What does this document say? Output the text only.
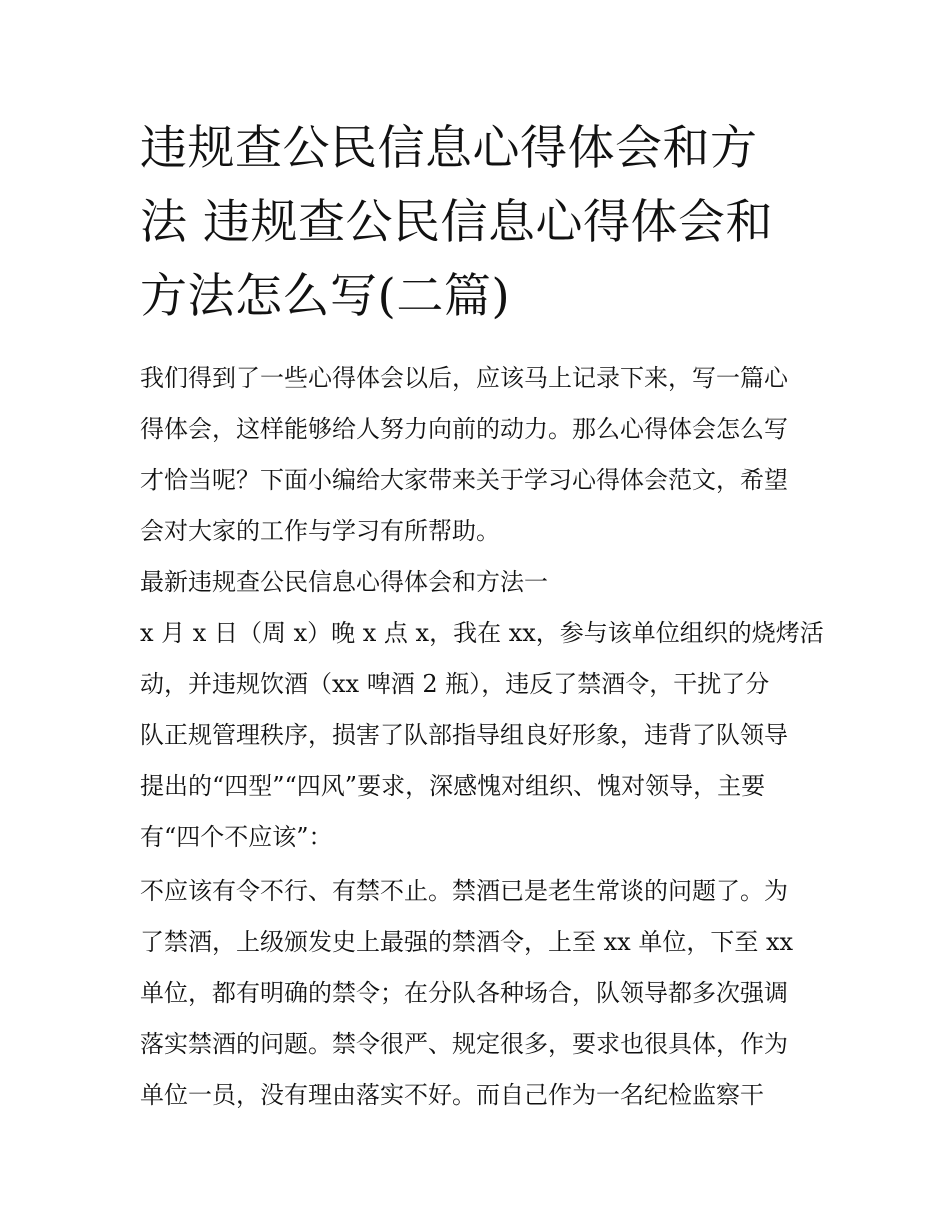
违规查公民信息心得体会和方
法 违规查公民信息心得体会和
方法怎么写(二篇)
我们得到了一些心得体会以后，应该马上记录下来，写一篇心
得体会，这样能够给人努力向前的动力。那么心得体会怎么写
才恰当呢？下面小编给大家带来关于学习心得体会范文，希望
会对大家的工作与学习有所帮助。
最新违规查公民信息心得体会和方法一
x 月 x 日（周 x）晚 x 点 x，我在 xx，参与该单位组织的烧烤活
动，并违规饮酒（xx 啤酒 2 瓶），违反了禁酒令，干扰了分
队正规管理秩序，损害了队部指导组良好形象，违背了队领导
提出的“四型”“四风”要求，深感愧对组织、愧对领导，主要
有“四个不应该”：
不应该有令不行、有禁不止。禁酒已是老生常谈的问题了。为
了禁酒，上级颁发史上最强的禁酒令，上至 xx 单位，下至 xx
单位，都有明确的禁令；在分队各种场合，队领导都多次强调
落实禁酒的问题。禁令很严、规定很多，要求也很具体，作为
单位一员，没有理由落实不好。而自己作为一名纪检监察干
